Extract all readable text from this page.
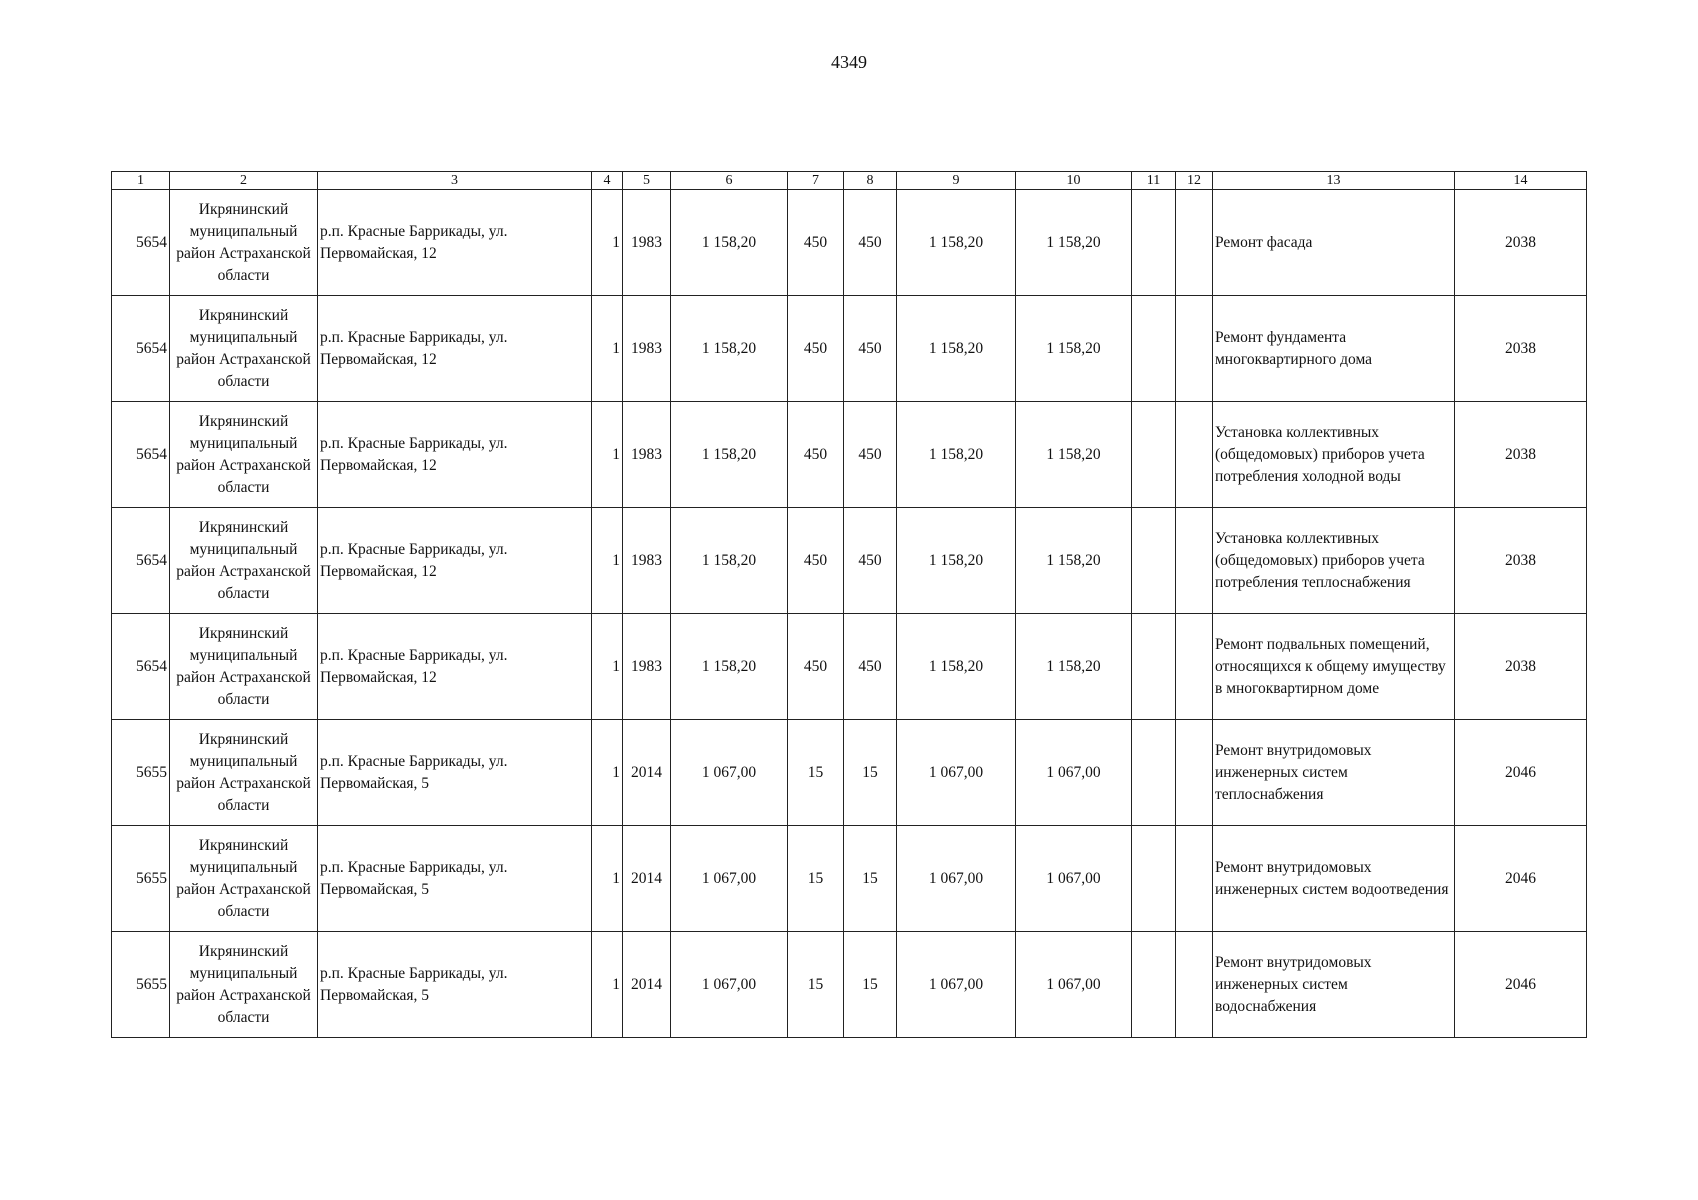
4349
1	2	3	4	5	6	7	8	9	10	11	12	13	14
5654	Икрянинский муниципальный район Астраханской области	р.п. Красные Баррикады, ул. Первомайская, 12	1	1983	1 158,20	450	450	1 158,20	1 158,20			Ремонт фасада	2038
5654	Икрянинский муниципальный район Астраханской области	р.п. Красные Баррикады, ул. Первомайская, 12	1	1983	1 158,20	450	450	1 158,20	1 158,20			Ремонт фундамента многоквартирного дома	2038
5654	Икрянинский муниципальный район Астраханской области	р.п. Красные Баррикады, ул. Первомайская, 12	1	1983	1 158,20	450	450	1 158,20	1 158,20			Установка коллективных (общедомовых) приборов учета потребления холодной воды	2038
5654	Икрянинский муниципальный район Астраханской области	р.п. Красные Баррикады, ул. Первомайская, 12	1	1983	1 158,20	450	450	1 158,20	1 158,20			Установка коллективных (общедомовых) приборов учета потребления теплоснабжения	2038
5654	Икрянинский муниципальный район Астраханской области	р.п. Красные Баррикады, ул. Первомайская, 12	1	1983	1 158,20	450	450	1 158,20	1 158,20			Ремонт подвальных помещений, относящихся к общему имуществу в многоквартирном доме	2038
5655	Икрянинский муниципальный район Астраханской области	р.п. Красные Баррикады, ул. Первомайская, 5	1	2014	1 067,00	15	15	1 067,00	1 067,00			Ремонт внутридомовых инженерных систем теплоснабжения	2046
5655	Икрянинский муниципальный район Астраханской области	р.п. Красные Баррикады, ул. Первомайская, 5	1	2014	1 067,00	15	15	1 067,00	1 067,00			Ремонт внутридомовых инженерных систем водоотведения	2046
5655	Икрянинский муниципальный район Астраханской области	р.п. Красные Баррикады, ул. Первомайская, 5	1	2014	1 067,00	15	15	1 067,00	1 067,00			Ремонт внутридомовых инженерных систем водоснабжения	2046
